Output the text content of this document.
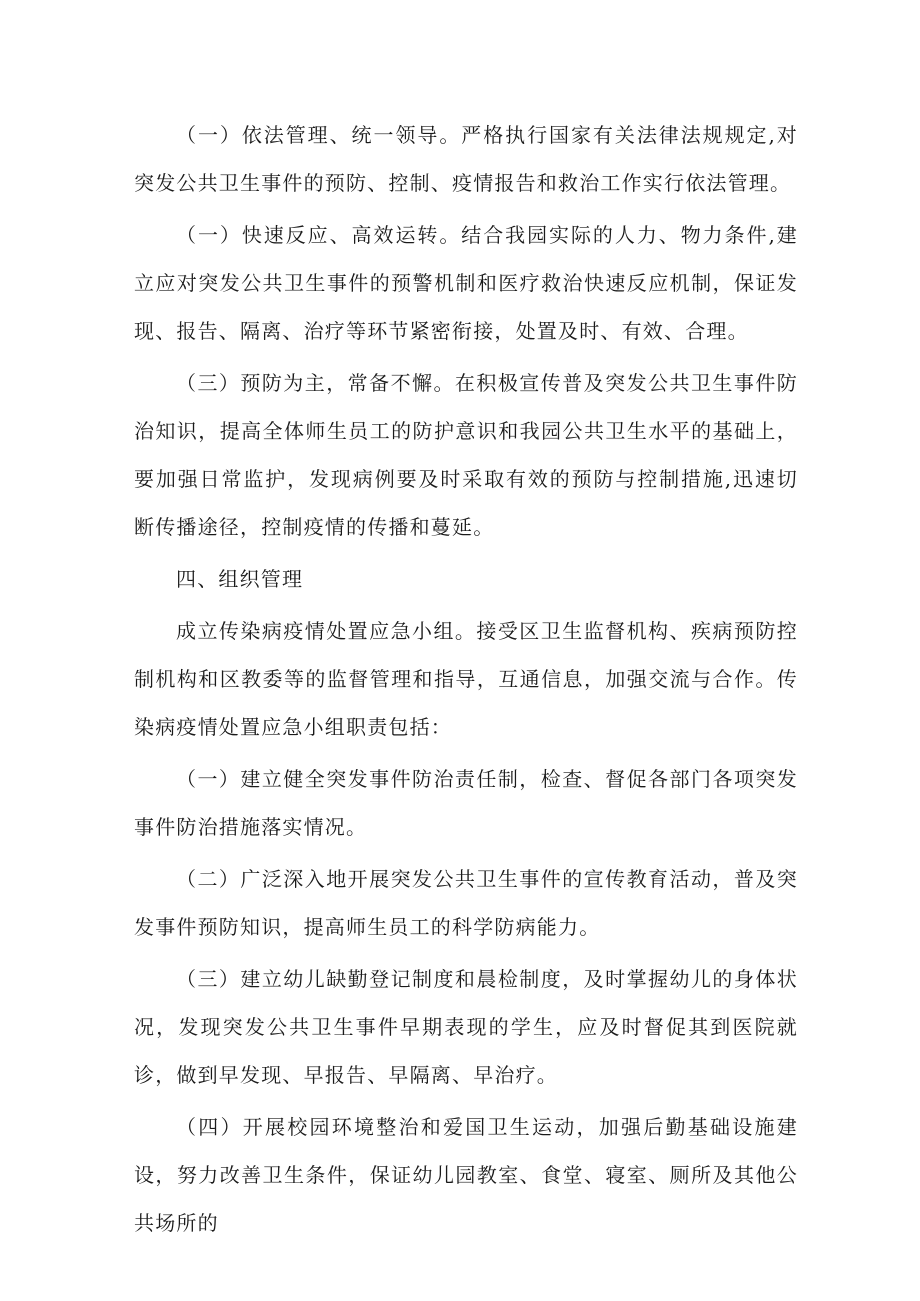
（一）依法管理、统一领导。严格执行国家有关法律法规规定,对突发公共卫生事件的预防、控制、疫情报告和救治工作实行依法管理。

（一）快速反应、高效运转。结合我园实际的人力、物力条件,建立应对突发公共卫生事件的预警机制和医疗救治快速反应机制，保证发现、报告、隔离、治疗等环节紧密衔接，处置及时、有效、合理。

（三）预防为主，常备不懈。在积极宣传普及突发公共卫生事件防治知识，提高全体师生员工的防护意识和我园公共卫生水平的基础上，要加强日常监护，发现病例要及时采取有效的预防与控制措施,迅速切断传播途径，控制疫情的传播和蔓延。

四、组织管理

成立传染病疫情处置应急小组。接受区卫生监督机构、疾病预防控制机构和区教委等的监督管理和指导，互通信息，加强交流与合作。传染病疫情处置应急小组职责包括：

（一）建立健全突发事件防治责任制，检查、督促各部门各项突发事件防治措施落实情况。

（二）广泛深入地开展突发公共卫生事件的宣传教育活动，普及突发事件预防知识，提高师生员工的科学防病能力。

（三）建立幼儿缺勤登记制度和晨检制度，及时掌握幼儿的身体状况，发现突发公共卫生事件早期表现的学生，应及时督促其到医院就诊，做到早发现、早报告、早隔离、早治疗。

（四）开展校园环境整治和爱国卫生运动，加强后勤基础设施建设，努力改善卫生条件，保证幼儿园教室、食堂、寝室、厕所及其他公共场所的
